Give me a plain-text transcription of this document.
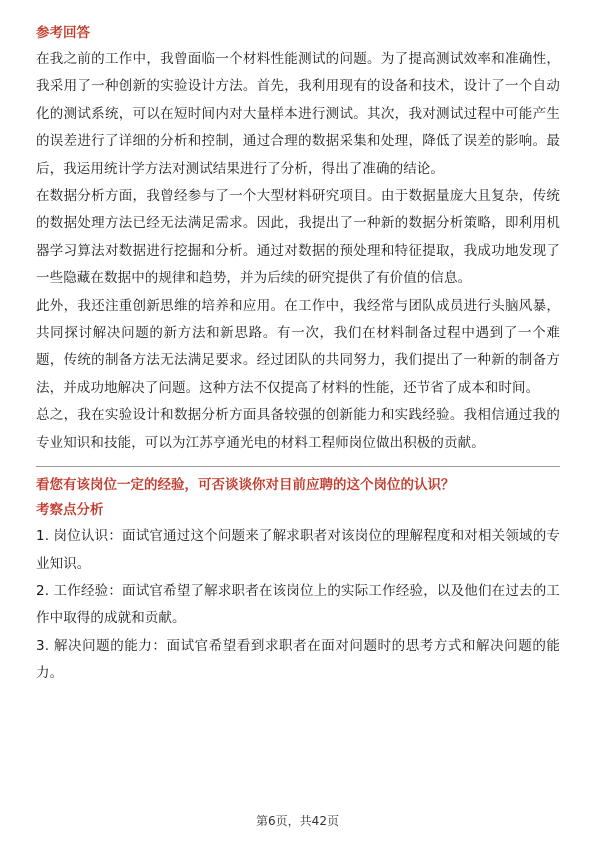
参考回答

在我之前的工作中，我曾面临一个材料性能测试的问题。为了提高测试效率和准确性，我采用了一种创新的实验设计方法。首先，我利用现有的设备和技术，设计了一个自动化的测试系统，可以在短时间内对大量样本进行测试。其次，我对测试过程中可能产生的误差进行了详细的分析和控制，通过合理的数据采集和处理，降低了误差的影响。最后，我运用统计学方法对测试结果进行了分析，得出了准确的结论。

在数据分析方面，我曾经参与了一个大型材料研究项目。由于数据量庞大且复杂，传统的数据处理方法已经无法满足需求。因此，我提出了一种新的数据分析策略，即利用机器学习算法对数据进行挖掘和分析。通过对数据的预处理和特征提取，我成功地发现了一些隐藏在数据中的规律和趋势，并为后续的研究提供了有价值的信息。

此外，我还注重创新思维的培养和应用。在工作中，我经常与团队成员进行头脑风暴，共同探讨解决问题的新方法和新思路。有一次，我们在材料制备过程中遇到了一个难题，传统的制备方法无法满足要求。经过团队的共同努力，我们提出了一种新的制备方法，并成功地解决了问题。这种方法不仅提高了材料的性能，还节省了成本和时间。

总之，我在实验设计和数据分析方面具备较强的创新能力和实践经验。我相信通过我的专业知识和技能，可以为江苏亨通光电的材料工程师岗位做出积极的贡献。

看您有该岗位一定的经验，可否谈谈你对目前应聘的这个岗位的认识？
考察点分析

1. 岗位认识：面试官通过这个问题来了解求职者对该岗位的理解程度和对相关领域的专业知识。

2. 工作经验：面试官希望了解求职者在该岗位上的实际工作经验，以及他们在过去的工作中取得的成就和贡献。

3. 解决问题的能力：面试官希望看到求职者在面对问题时的思考方式和解决问题的能力。

第6页，共42页
